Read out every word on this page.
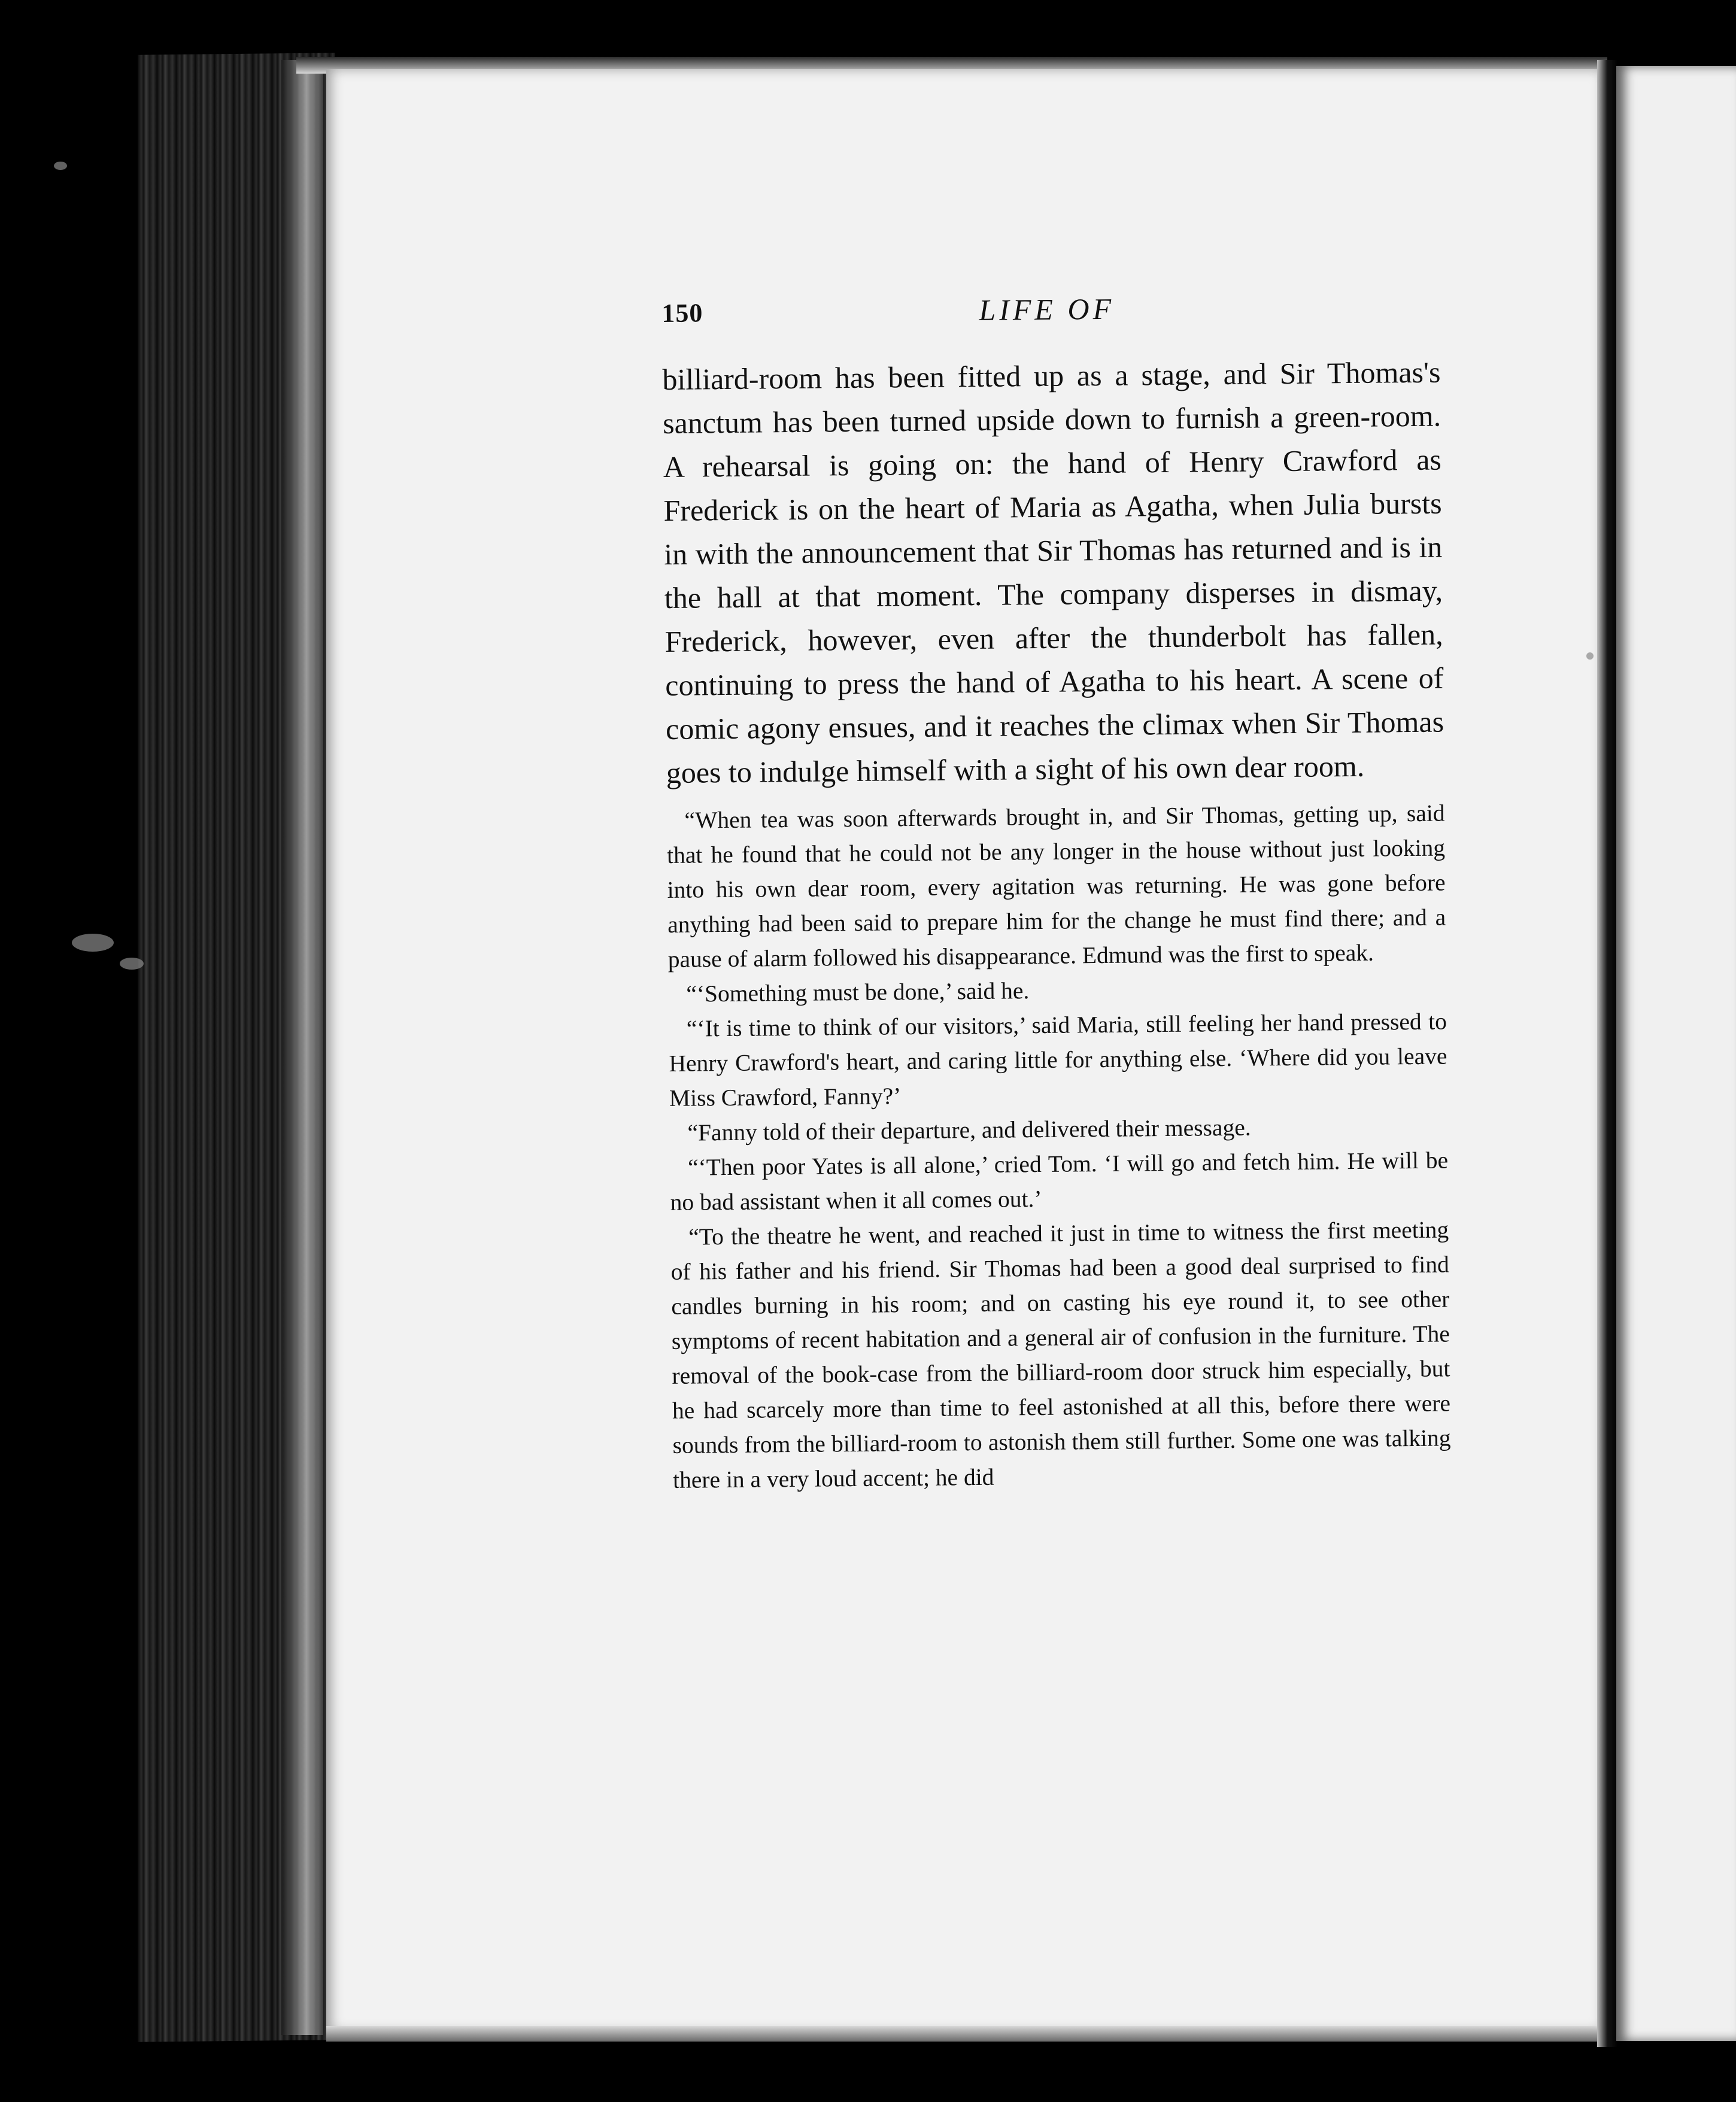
150	LIFE OF

billiard-room has been fitted up as a stage, and Sir Thomas's sanctum has been turned upside down to furnish a green-room. A rehearsal is going on: the hand of Henry Crawford as Frederick is on the heart of Maria as Agatha, when Julia bursts in with the announcement that Sir Thomas has returned and is in the hall at that moment. The company disperses in dismay, Frederick, however, even after the thunderbolt has fallen, continuing to press the hand of Agatha to his heart. A scene of comic agony ensues, and it reaches the climax when Sir Thomas goes to indulge himself with a sight of his own dear room.

“When tea was soon afterwards brought in, and Sir Thomas, getting up, said that he found that he could not be any longer in the house without just looking into his own dear room, every agitation was returning. He was gone before anything had been said to prepare him for the change he must find there; and a pause of alarm followed his disappearance. Edmund was the first to speak.

“‘Something must be done,’ said he.

“‘It is time to think of our visitors,’ said Maria, still feeling her hand pressed to Henry Crawford's heart, and caring little for anything else. ‘Where did you leave Miss Crawford, Fanny?’

“Fanny told of their departure, and delivered their message.

“‘Then poor Yates is all alone,’ cried Tom. ‘I will go and fetch him. He will be no bad assistant when it all comes out.’

“To the theatre he went, and reached it just in time to witness the first meeting of his father and his friend. Sir Thomas had been a good deal surprised to find candles burning in his room; and on casting his eye round it, to see other symptoms of recent habitation and a general air of confusion in the furniture. The removal of the book-case from the billiard-room door struck him especially, but he had scarcely more than time to feel astonished at all this, before there were sounds from the billiard-room to astonish them still further. Some one was talking there in a very loud accent; he did
